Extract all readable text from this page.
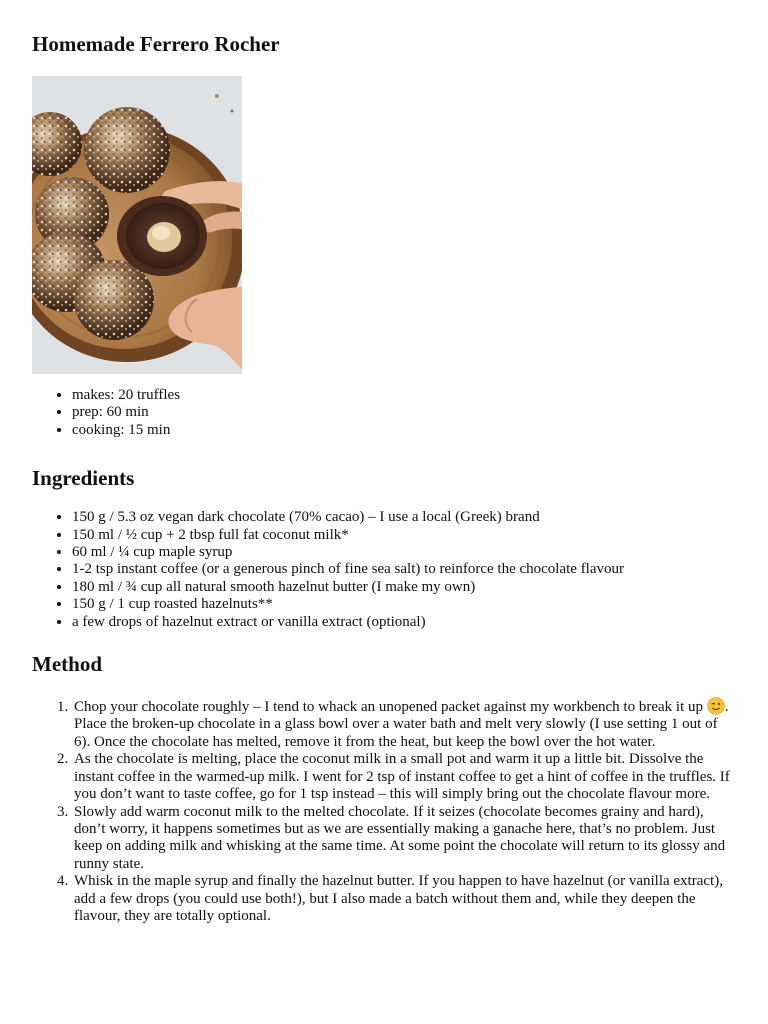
Homemade Ferrero Rocher
• makes: 20 truffles
• prep: 60 min
• cooking: 15 min
Ingredients
• 150 g / 5.3 oz vegan dark chocolate (70% cacao) – I use a local (Greek) brand
• 150 ml / ½ cup + 2 tbsp full fat coconut milk*
• 60 ml / ¼ cup maple syrup
• 1-2 tsp instant coffee (or a generous pinch of fine sea salt) to reinforce the chocolate flavour
• 180 ml / ¾ cup all natural smooth hazelnut butter (I make my own)
• 150 g / 1 cup roasted hazelnuts**
• a few drops of hazelnut extract or vanilla extract (optional)
Method
1. Chop your chocolate roughly – I tend to whack an unopened packet against my workbench to break it up . Place the broken-up chocolate in a glass bowl over a water bath and melt very slowly (I use setting 1 out of 6). Once the chocolate has melted, remove it from the heat, but keep the bowl over the hot water.
2. As the chocolate is melting, place the coconut milk in a small pot and warm it up a little bit. Dissolve the instant coffee in the warmed-up milk. I went for 2 tsp of instant coffee to get a hint of coffee in the truffles. If you don’t want to taste coffee, go for 1 tsp instead – this will simply bring out the chocolate flavour more.
3. Slowly add warm coconut milk to the melted chocolate. If it seizes (chocolate becomes grainy and hard), don’t worry, it happens sometimes but as we are essentially making a ganache here, that’s no problem. Just keep on adding milk and whisking at the same time. At some point the chocolate will return to its glossy and runny state.
4. Whisk in the maple syrup and finally the hazelnut butter. If you happen to have hazelnut (or vanilla extract), add a few drops (you could use both!), but I also made a batch without them and, while they deepen the flavour, they are totally optional.
